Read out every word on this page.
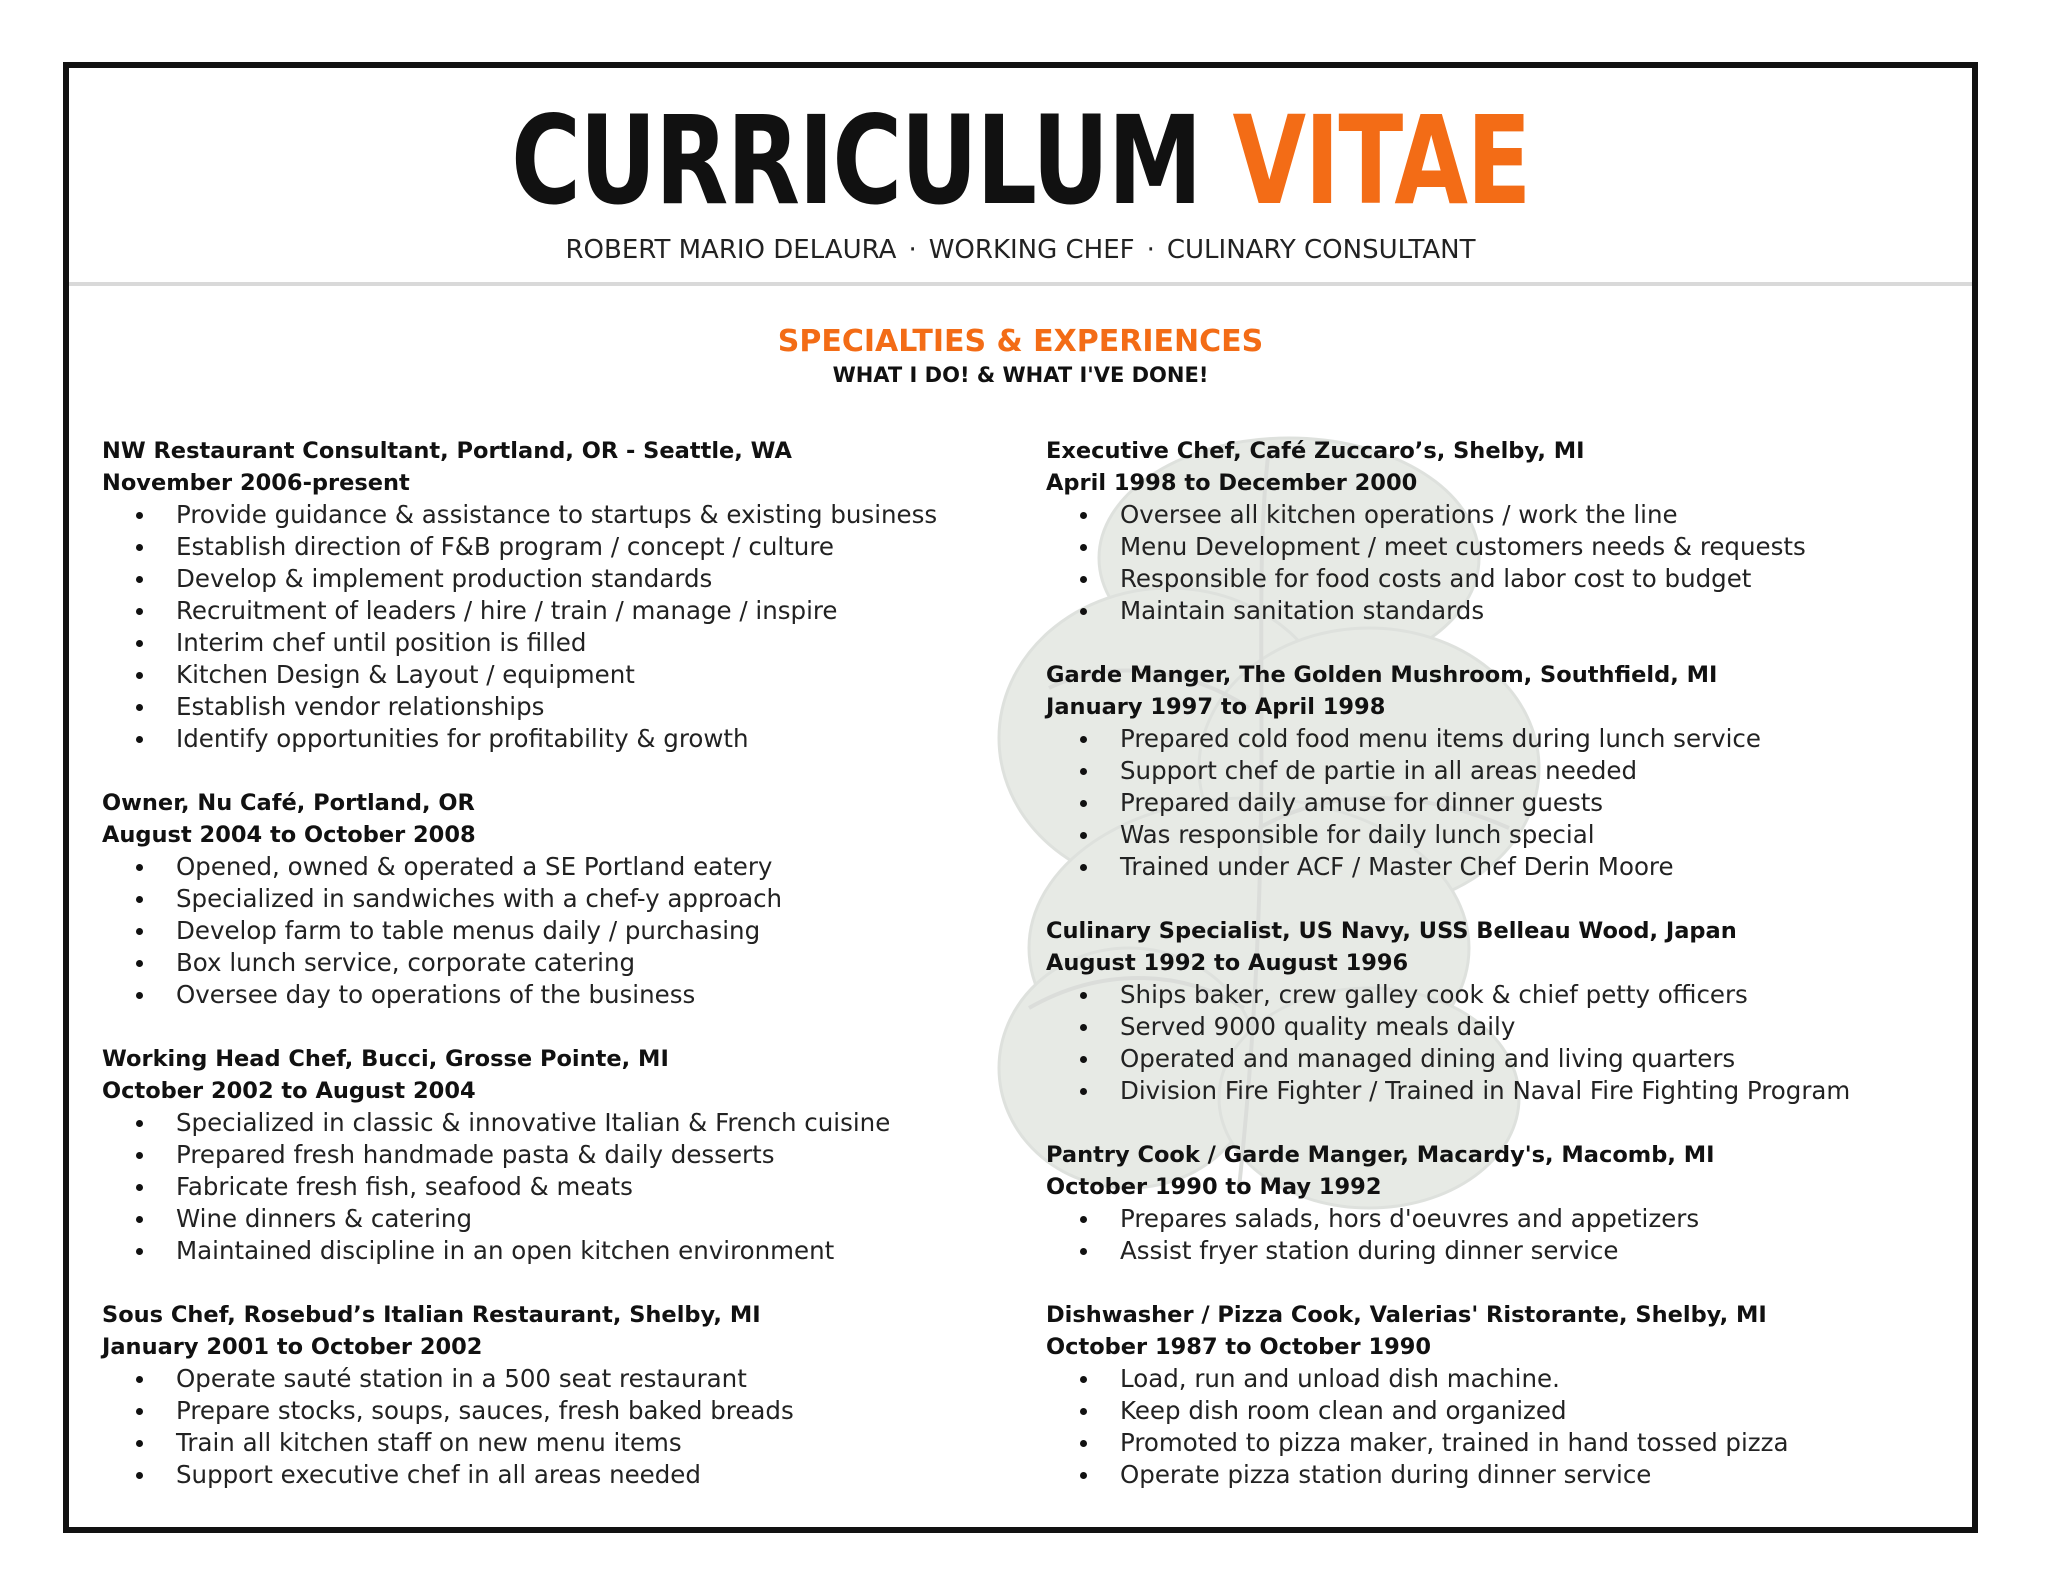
CURRICULUM VITAE
ROBERT MARIO DELAURA · WORKING CHEF · CULINARY CONSULTANT
SPECIALTIES & EXPERIENCES
WHAT I DO! & WHAT I'VE DONE!
NW Restaurant Consultant, Portland, OR - Seattle, WA
November 2006-present
Provide guidance & assistance to startups & existing business
Establish direction of F&B program / concept / culture
Develop & implement production standards
Recruitment of leaders / hire / train / manage / inspire
Interim chef until position is filled
Kitchen Design & Layout / equipment
Establish vendor relationships
Identify opportunities for profitability & growth
Owner, Nu Café, Portland, OR
August 2004 to October 2008
Opened, owned & operated a SE Portland eatery
Specialized in sandwiches with a chef-y approach
Develop farm to table menus daily / purchasing
Box lunch service, corporate catering
Oversee day to operations of the business
Working Head Chef, Bucci, Grosse Pointe, MI
October 2002 to August 2004
Specialized in classic & innovative Italian & French cuisine
Prepared fresh handmade pasta & daily desserts
Fabricate fresh fish, seafood & meats
Wine dinners & catering
Maintained discipline in an open kitchen environment
Sous Chef, Rosebud’s Italian Restaurant, Shelby, MI
January 2001 to October 2002
Operate sauté station in a 500 seat restaurant
Prepare stocks, soups, sauces, fresh baked breads
Train all kitchen staff on new menu items
Support executive chef in all areas needed
Executive Chef, Café Zuccaro’s, Shelby, MI
April 1998 to December 2000
Oversee all kitchen operations / work the line
Menu Development / meet customers needs & requests
Responsible for food costs and labor cost to budget
Maintain sanitation standards
Garde Manger, The Golden Mushroom, Southfield, MI
January 1997 to April 1998
Prepared cold food menu items during lunch service
Support chef de partie in all areas needed
Prepared daily amuse for dinner guests
Was responsible for daily lunch special
Trained under ACF / Master Chef Derin Moore
Culinary Specialist, US Navy, USS Belleau Wood, Japan
August 1992 to August 1996
Ships baker, crew galley cook & chief petty officers
Served 9000 quality meals daily
Operated and managed dining and living quarters
Division Fire Fighter / Trained in Naval Fire Fighting Program
Pantry Cook / Garde Manger, Macardy's, Macomb, MI
October 1990 to May 1992
Prepares salads, hors d'oeuvres and appetizers
Assist fryer station during dinner service
Dishwasher / Pizza Cook, Valerias' Ristorante, Shelby, MI
October 1987 to October 1990
Load, run and unload dish machine.
Keep dish room clean and organized
Promoted to pizza maker, trained in hand tossed pizza
Operate pizza station during dinner service
